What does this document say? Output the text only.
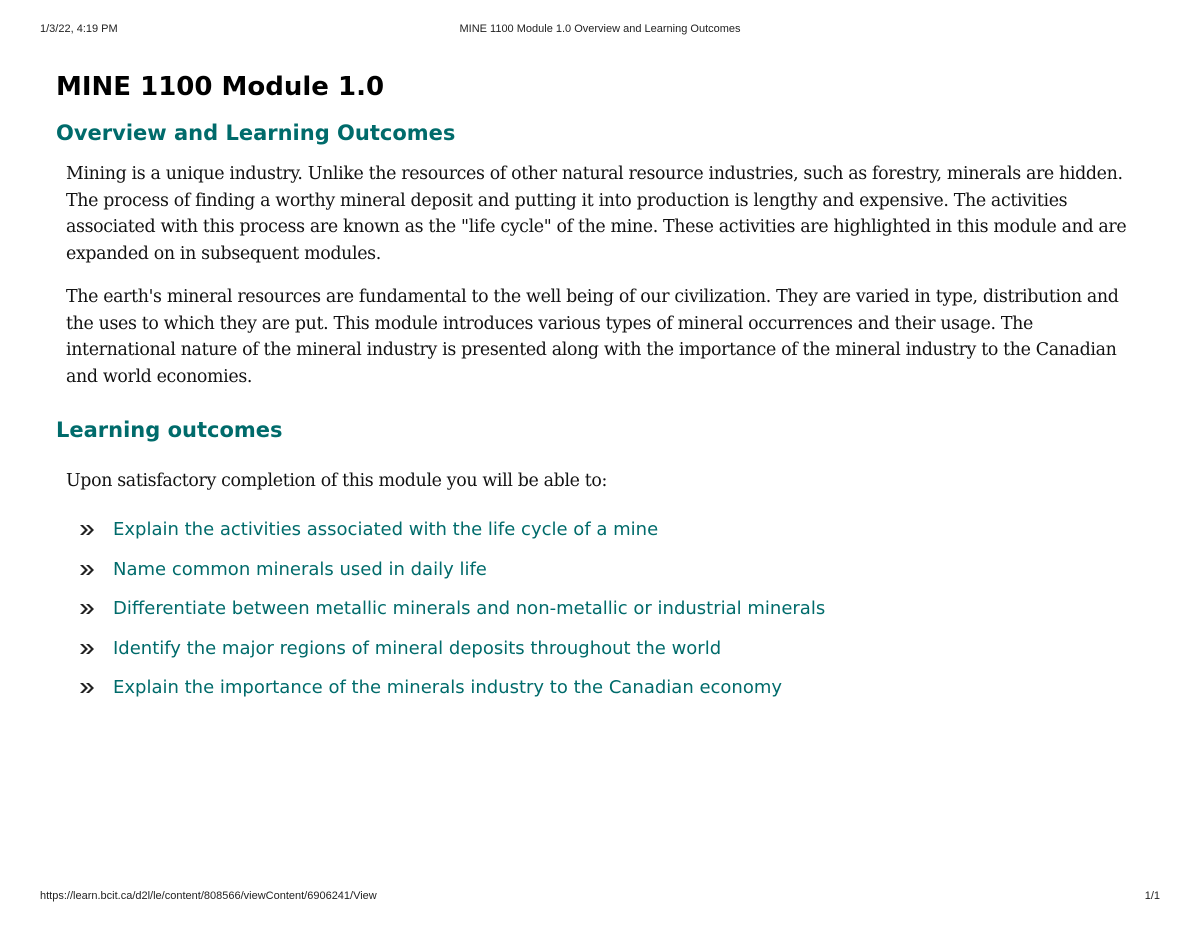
1/3/22, 4:19 PM	MINE 1100 Module 1.0 Overview and Learning Outcomes
MINE 1100 Module 1.0
Overview and Learning Outcomes

Mining is a unique industry. Unlike the resources of other natural resource industries, such as forestry, minerals are hidden. The process of finding a worthy mineral deposit and putting it into production is lengthy and expensive. The activities associated with this process are known as the "life cycle" of the mine. These activities are highlighted in this module and are expanded on in subsequent modules.

The earth's mineral resources are fundamental to the well being of our civilization. They are varied in type, distribution and the uses to which they are put. This module introduces various types of mineral occurrences and their usage. The international nature of the mineral industry is presented along with the importance of the mineral industry to the Canadian and world economies.

Learning outcomes

Upon satisfactory completion of this module you will be able to:

Explain the activities associated with the life cycle of a mine
Name common minerals used in daily life
Differentiate between metallic minerals and non-metallic or industrial minerals
Identify the major regions of mineral deposits throughout the world
Explain the importance of the minerals industry to the Canadian economy
https://learn.bcit.ca/d2l/le/content/808566/viewContent/6906241/View	1/1
